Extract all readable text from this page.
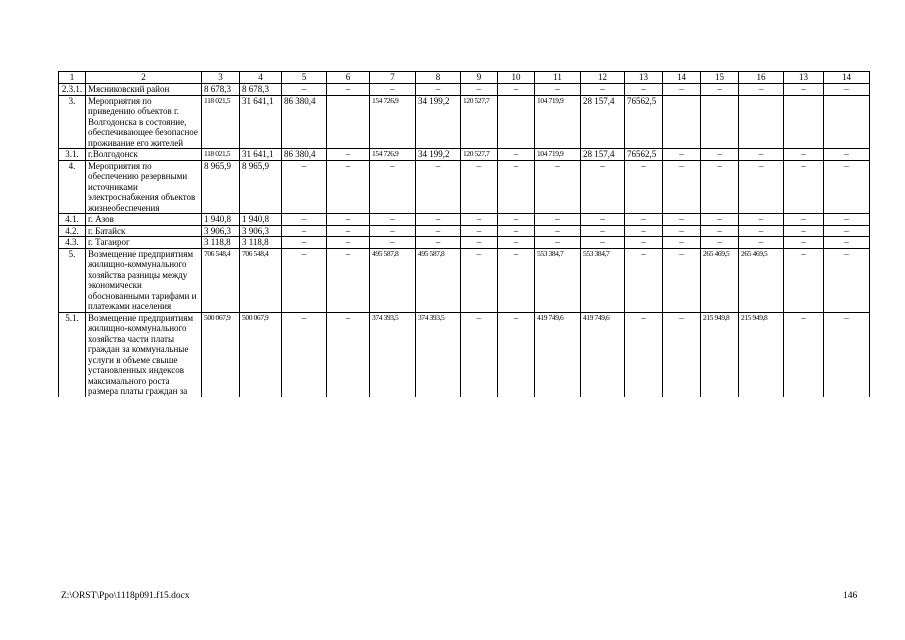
1	2	3	4	5	6	7	8	9	10	11	12	13	14	15	16	13	14
2.3.1.	Мясниковский район	8 678,3	8 678,3	–	–	–	–	–	–	–	–	–	–	–	–	–	–
3.	Мероприятия по приведению объектов г. Волгодонска в состояние, обеспечивающее безопасное проживание его жителей	118 021,5	31 641,1	86 380,4		154 726,9	34 199,2	120 527,7		104 719,9	28 157,4	76562,5					
3.1.	г.Волгодонск	118 021,5	31 641,1	86 380,4	–	154 726,9	34 199,2	120 527,7	–	104 719,9	28 157,4	76562,5	–	–	–	–	–
4.	Мероприятия по обеспечению резервными источниками электроснабжения объектов жизнеобеспечения	8 965,9	8 965,9	–	–	–	–	–	–	–	–	–	–	–	–	–	–
4.1.	г. Азов	1 940,8	1 940,8	–	–	–	–	–	–	–	–	–	–	–	–	–	–
4.2.	г. Батайск	3 906,3	3 906,3	–	–	–	–	–	–	–	–	–	–	–	–	–	–
4.3.	г. Таганрог	3 118,8	3 118,8	–	–	–	–	–	–	–	–	–	–	–	–	–	–
5.	Возмещение предприятиям жилищно-коммунального хозяйства разницы между экономически обоснованными тарифами и платежами населения	706 548,4	706 548,4	–	–	495 587,8	495 587,8	–	–	553 384,7	553 384,7	–	–	265 469,5	265 469,5	–	–
5.1.	Возмещение предприятиям жилищно-коммунального хозяйства части платы граждан за коммунальные услуги в объеме свыше установленных индексов максимального роста размера платы граждан за	500 067,9	500 067,9	–	–	374 393,5	374 393,5	–	–	419 749,6	419 749,6	–	–	215 949,8	215 949,8	–	–
Z:\ORST\Ppo\1118p091.f15.docx	146
